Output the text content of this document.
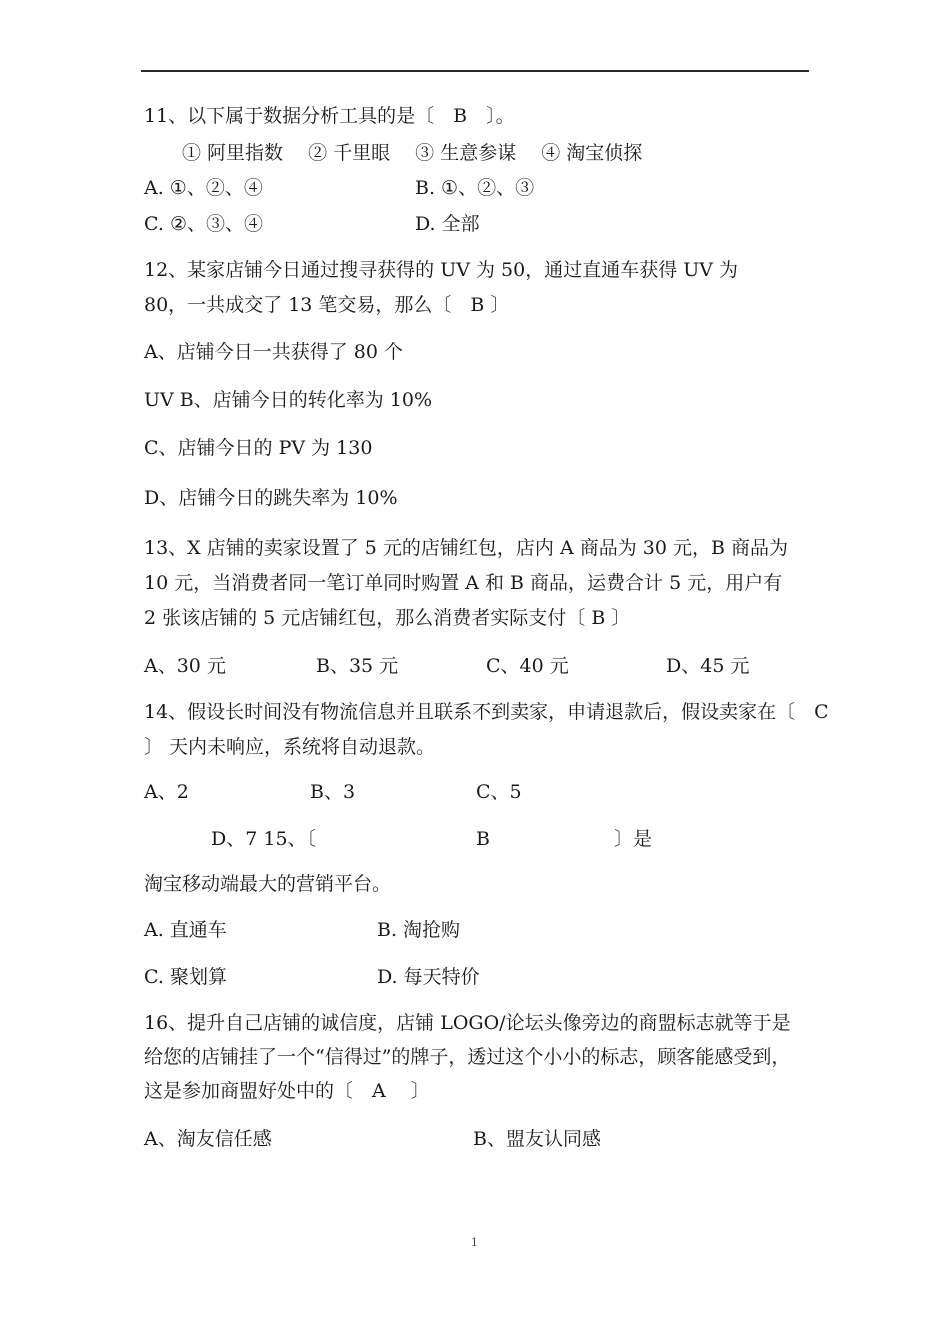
11、以下属于数据分析工具的是〔　B　〕。
① 阿里指数　 ② 千里眼　 ③ 生意参谋　 ④ 淘宝侦探
A. ①、②、④	B. ①、②、③
C. ②、③、④	D. 全部
12、某家店铺今日通过搜寻获得的 UV 为 50，通过直通车获得 UV 为
80，一共成交了 13 笔交易，那么〔　B 〕
A、店铺今日一共获得了 80 个
UV B、店铺今日的转化率为 10%
C、店铺今日的 PV 为 130
D、店铺今日的跳失率为 10%
13、X 店铺的卖家设置了 5 元的店铺红包，店内 A 商品为 30 元，B 商品为
10 元，当消费者同一笔订单同时购置 A 和 B 商品，运费合计 5 元，用户有
2 张该店铺的 5 元店铺红包，那么消费者实际支付〔 B 〕
A、30 元	B、35 元	C、40 元	D、45 元
14、假设长时间没有物流信息并且联系不到卖家，申请退款后，假设卖家在〔　C
〕 天内未响应，系统将自动退款。
A、2	B、3	C、5
D、7 15、〔	B	〕是
淘宝移动端最大的营销平台。
A. 直通车	B. 淘抢购
C. 聚划算	D. 每天特价
16、提升自己店铺的诚信度，店铺 LOGO/论坛头像旁边的商盟标志就等于是
给您的店铺挂了一个“信得过”的牌子，透过这个小小的标志，顾客能感受到，
这是参加商盟好处中的〔　A　 〕
A、淘友信任感	B、盟友认同感
1
